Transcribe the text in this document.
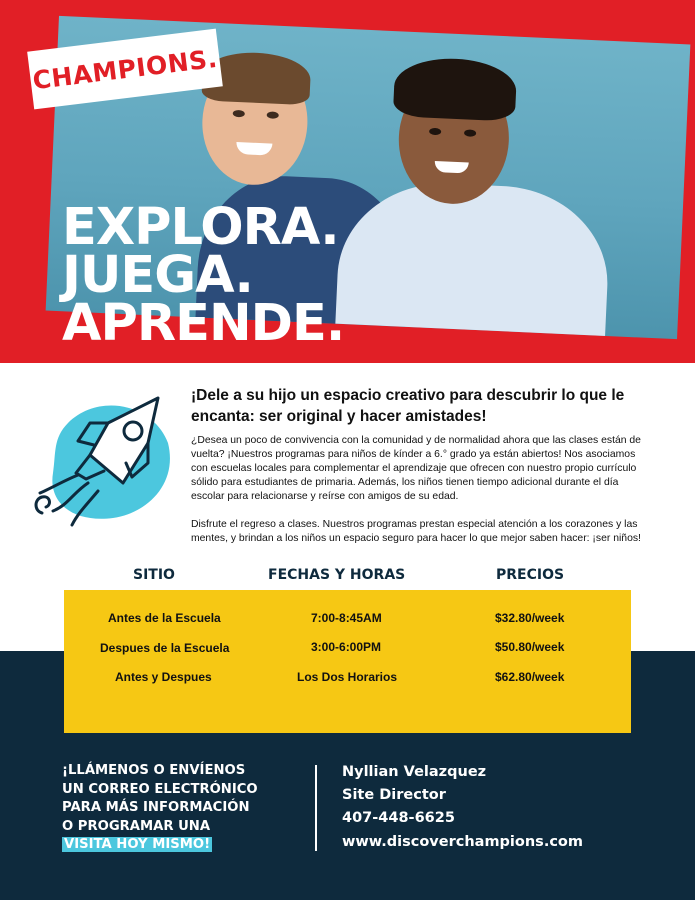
CHAMPIONS.
EXPLORA.
JUEGA.
APRENDE.
¡Dele a su hijo un espacio creativo para descubrir lo que le encanta: ser original y hacer amistades!
¿Desea un poco de convivencia con la comunidad y de normalidad ahora que las clases están de vuelta? ¡Nuestros programas para niños de kínder a 6.° grado ya están abiertos! Nos asociamos con escuelas locales para complementar el aprendizaje que ofrecen con nuestro propio currículo sólido para estudiantes de primaria. Además, los niños tienen tiempo adicional durante el día escolar para relacionarse y reírse con amigos de su edad.
Disfrute el regreso a clases. Nuestros programas prestan especial atención a los corazones y las mentes, y brindan a los niños un espacio seguro para hacer lo que mejor saben hacer: ¡ser niños!
SITIO	FECHAS Y HORAS	PRECIOS
Antes de la Escuela	7:00-8:45AM	$32.80/week
Despues de la Escuela	3:00-6:00PM	$50.80/week
Antes y Despues	Los Dos Horarios	$62.80/week
¡LLÁMENOS O ENVÍENOS
UN CORREO ELECTRÓNICO
PARA MÁS INFORMACIÓN
O PROGRAMAR UNA
VISITA HOY MISMO!
Nyllian Velazquez
Site Director
407-448-6625
www.discoverchampions.com
